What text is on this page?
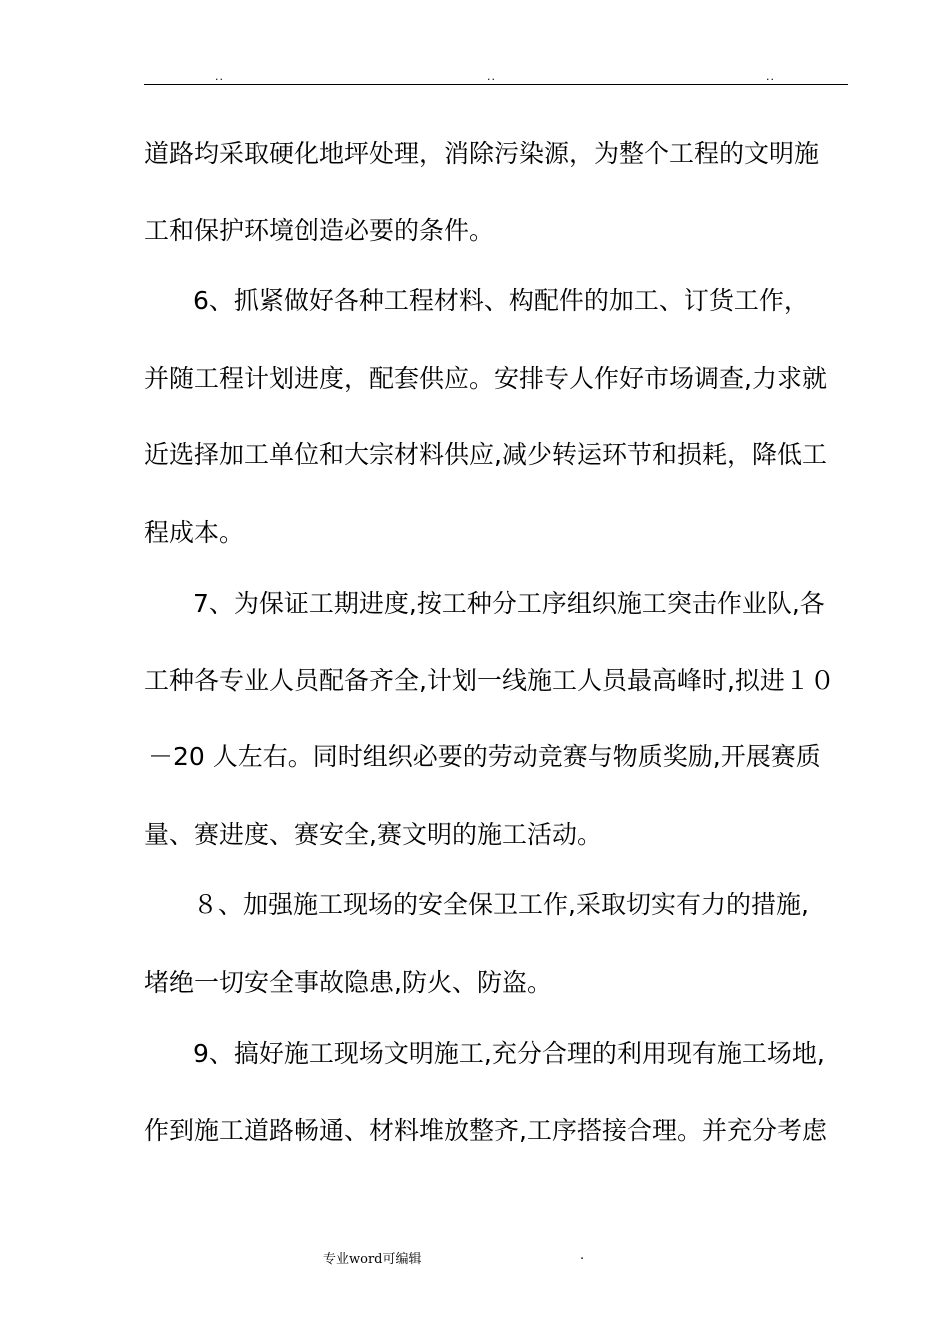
..	..	..
道路均采取硬化地坪处理，消除污染源，为整个工程的文明施
工和保护环境创造必要的条件。
6、抓紧做好各种工程材料、构配件的加工、订货工作，
并随工程计划进度，配套供应。安排专人作好市场调查,力求就
近选择加工单位和大宗材料供应,减少转运环节和损耗，降低工
程成本。
7、为保证工期进度,按工种分工序组织施工突击作业队,各
工种各专业人员配备齐全,计划一线施工人员最高峰时,拟进１０
－20 人左右。同时组织必要的劳动竞赛与物质奖励,开展赛质
量、赛进度、赛安全,赛文明的施工活动。
８、加强施工现场的安全保卫工作,采取切实有力的措施,
堵绝一切安全事故隐患,防火、防盗。
9、搞好施工现场文明施工,充分合理的利用现有施工场地,
作到施工道路畅通、材料堆放整齐,工序搭接合理。并充分考虑
专业word可编辑	.
